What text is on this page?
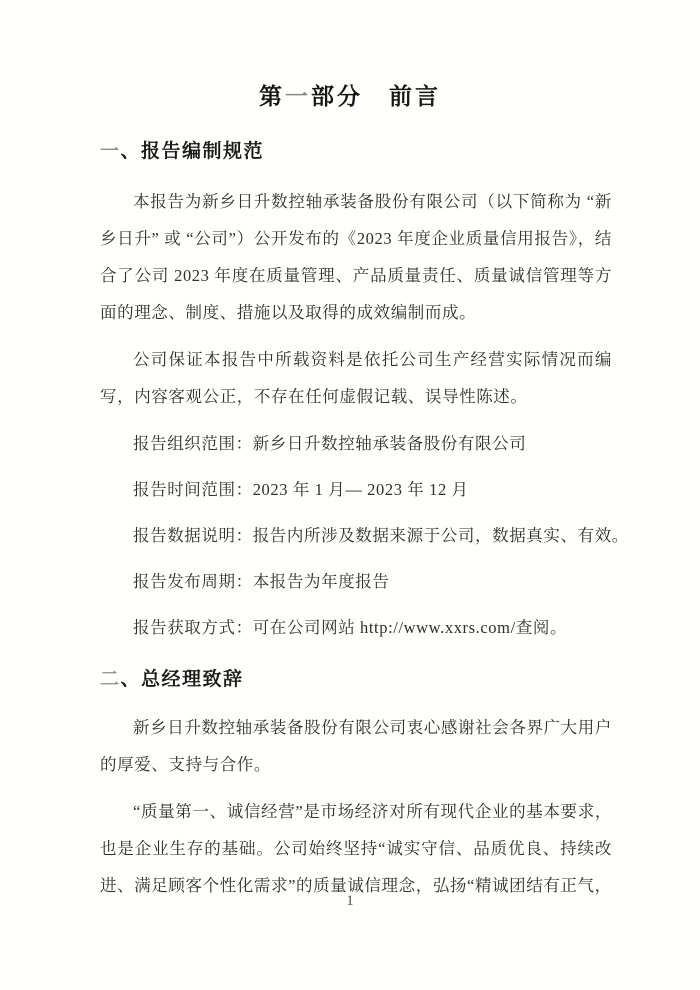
第一部分　前言
一、报告编制规范

本报告为新乡日升数控轴承装备股份有限公司（以下简称为 “新乡日升” 或 “公司”）公开发布的《2023 年度企业质量信用报告》，结合了公司 2023 年度在质量管理、产品质量责任、质量诚信管理等方面的理念、制度、措施以及取得的成效编制而成。

公司保证本报告中所载资料是依托公司生产经营实际情况而编写，内容客观公正，不存在任何虚假记载、误导性陈述。

报告组织范围：新乡日升数控轴承装备股份有限公司

报告时间范围：2023 年 1 月— 2023 年 12 月

报告数据说明：报告内所涉及数据来源于公司，数据真实、有效。

报告发布周期：本报告为年度报告

报告获取方式：可在公司网站 http://www.xxrs.com/查阅。

二、总经理致辞

新乡日升数控轴承装备股份有限公司衷心感谢社会各界广大用户的厚爱、支持与合作。

“质量第一、诚信经营”是市场经济对所有现代企业的基本要求，也是企业生存的基础。公司始终坚持“诚实守信、品质优良、持续改进、满足顾客个性化需求”的质量诚信理念，弘扬“精诚团结有正气，

1
